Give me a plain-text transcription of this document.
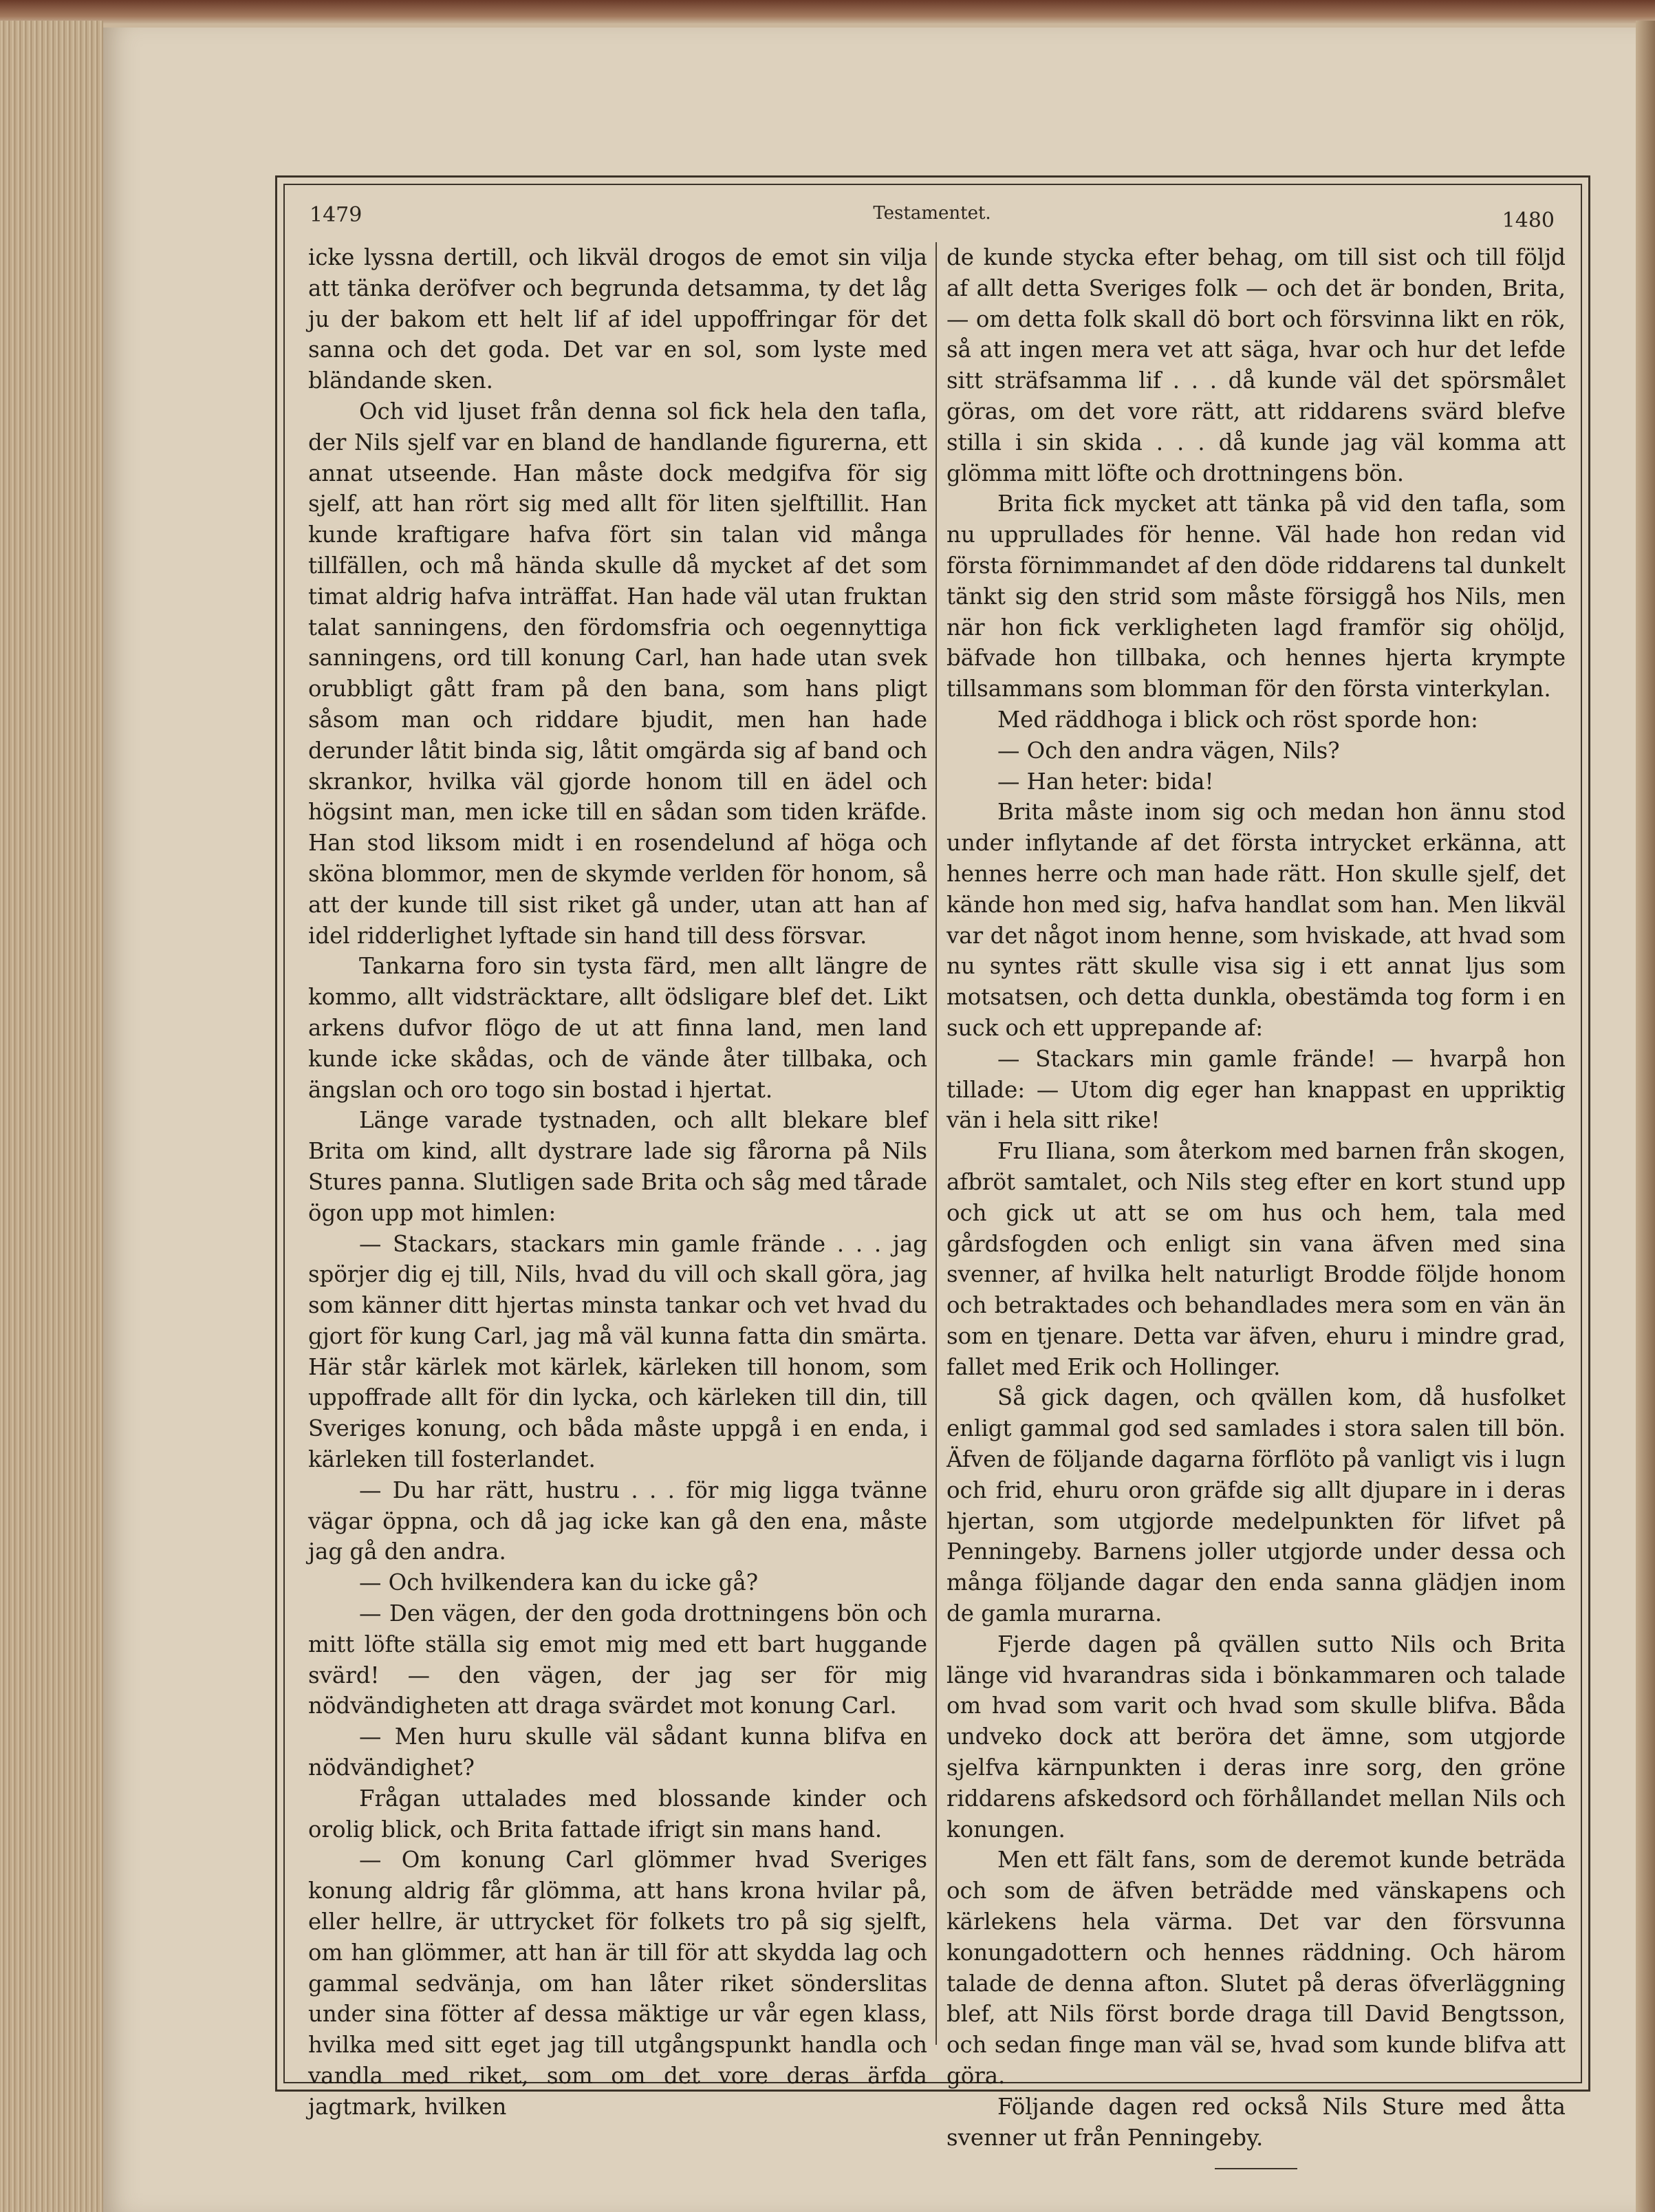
1479	Testamentet.	1480

icke lyssna dertill, och likväl drogos de emot sin vilja att tänka deröfver och begrunda detsamma, ty det låg ju der bakom ett helt lif af idel uppoffringar för det sanna och det goda. Det var en sol, som lyste med bländande sken.

Och vid ljuset från denna sol fick hela den tafla, der Nils sjelf var en bland de handlande figurerna, ett annat utseende. Han måste dock medgifva för sig sjelf, att han rört sig med allt för liten sjelftillit. Han kunde kraftigare hafva fört sin talan vid många tillfällen, och må hända skulle då mycket af det som timat aldrig hafva inträffat. Han hade väl utan fruktan talat sanningens, den fördomsfria och oegennyttiga sanningens, ord till konung Carl, han hade utan svek orubbligt gått fram på den bana, som hans pligt såsom man och riddare bjudit, men han hade derunder låtit binda sig, låtit omgärda sig af band och skrankor, hvilka väl gjorde honom till en ädel och högsint man, men icke till en sådan som tiden kräfde. Han stod liksom midt i en rosendelund af höga och sköna blommor, men de skymde verlden för honom, så att der kunde till sist riket gå under, utan att han af idel ridderlighet lyftade sin hand till dess försvar.

Tankarna foro sin tysta färd, men allt längre de kommo, allt vidsträcktare, allt ödsligare blef det. Likt arkens dufvor flögo de ut att finna land, men land kunde icke skådas, och de vände åter tillbaka, och ängslan och oro togo sin bostad i hjertat.

Länge varade tystnaden, och allt blekare blef Brita om kind, allt dystrare lade sig fårorna på Nils Stures panna. Slutligen sade Brita och såg med tårade ögon upp mot himlen:

— Stackars, stackars min gamle frände . . . jag spörjer dig ej till, Nils, hvad du vill och skall göra, jag som känner ditt hjertas minsta tankar och vet hvad du gjort för kung Carl, jag må väl kunna fatta din smärta. Här står kärlek mot kärlek, kärleken till honom, som uppoffrade allt för din lycka, och kärleken till din, till Sveriges konung, och båda måste uppgå i en enda, i kärleken till fosterlandet.

— Du har rätt, hustru . . . för mig ligga tvänne vägar öppna, och då jag icke kan gå den ena, måste jag gå den andra.

— Och hvilkendera kan du icke gå?

— Den vägen, der den goda drottningens bön och mitt löfte ställa sig emot mig med ett bart huggande svärd! — den vägen, der jag ser för mig nödvändigheten att draga svärdet mot konung Carl.

— Men huru skulle väl sådant kunna blifva en nödvändighet?

Frågan uttalades med blossande kinder och orolig blick, och Brita fattade ifrigt sin mans hand.

— Om konung Carl glömmer hvad Sveriges konung aldrig får glömma, att hans krona hvilar på, eller hellre, är uttrycket för folkets tro på sig sjelft, om han glömmer, att han är till för att skydda lag och gammal sedvänja, om han låter riket sönderslitas under sina fötter af dessa mäktige ur vår egen klass, hvilka med sitt eget jag till utgångspunkt handla och vandla med riket, som om det vore deras ärfda jagtmark, hvilken

de kunde stycka efter behag, om till sist och till följd af allt detta Sveriges folk — och det är bonden, Brita, — om detta folk skall dö bort och försvinna likt en rök, så att ingen mera vet att säga, hvar och hur det lefde sitt sträfsamma lif . . . då kunde väl det spörsmålet göras, om det vore rätt, att riddarens svärd blefve stilla i sin skida . . . då kunde jag väl komma att glömma mitt löfte och drottningens bön.

Brita fick mycket att tänka på vid den tafla, som nu upprullades för henne. Väl hade hon redan vid första förnimmandet af den döde riddarens tal dunkelt tänkt sig den strid som måste försiggå hos Nils, men när hon fick verkligheten lagd framför sig ohöljd, bäfvade hon tillbaka, och hennes hjerta krympte tillsammans som blomman för den första vinterkylan.

Med räddhoga i blick och röst sporde hon:

— Och den andra vägen, Nils?

— Han heter: bida!

Brita måste inom sig och medan hon ännu stod under inflytande af det första intrycket erkänna, att hennes herre och man hade rätt. Hon skulle sjelf, det kände hon med sig, hafva handlat som han. Men likväl var det något inom henne, som hviskade, att hvad som nu syntes rätt skulle visa sig i ett annat ljus som motsatsen, och detta dunkla, obestämda tog form i en suck och ett upprepande af:

— Stackars min gamle frände! — hvarpå hon tillade: — Utom dig eger han knappast en uppriktig vän i hela sitt rike!

Fru Iliana, som återkom med barnen från skogen, afbröt samtalet, och Nils steg efter en kort stund upp och gick ut att se om hus och hem, tala med gårdsfogden och enligt sin vana äfven med sina svenner, af hvilka helt naturligt Brodde följde honom och betraktades och behandlades mera som en vän än som en tjenare. Detta var äfven, ehuru i mindre grad, fallet med Erik och Hollinger.

Så gick dagen, och qvällen kom, då husfolket enligt gammal god sed samlades i stora salen till bön. Äfven de följande dagarna förflöto på vanligt vis i lugn och frid, ehuru oron gräfde sig allt djupare in i deras hjertan, som utgjorde medelpunkten för lifvet på Penningeby. Barnens joller utgjorde under dessa och många följande dagar den enda sanna glädjen inom de gamla murarna.

Fjerde dagen på qvällen sutto Nils och Brita länge vid hvarandras sida i bönkammaren och talade om hvad som varit och hvad som skulle blifva. Båda undveko dock att beröra det ämne, som utgjorde sjelfva kärnpunkten i deras inre sorg, den gröne riddarens afskedsord och förhållandet mellan Nils och konungen.

Men ett fält fans, som de deremot kunde beträda och som de äfven beträdde med vänskapens och kärlekens hela värma. Det var den försvunna konungadottern och hennes räddning. Och härom talade de denna afton. Slutet på deras öfverläggning blef, att Nils först borde draga till David Bengtsson, och sedan finge man väl se, hvad som kunde blifva att göra.

Följande dagen red också Nils Sture med åtta svenner ut från Penningeby.
